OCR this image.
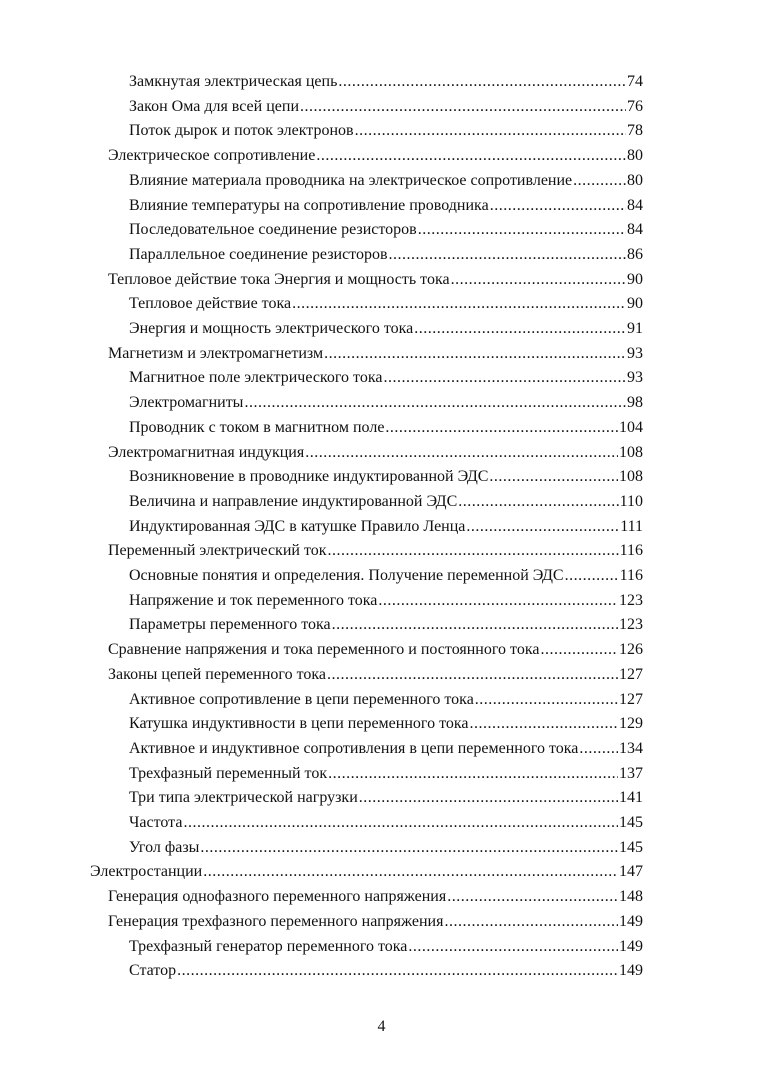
Замкнутая электрическая цепь .....	74
Закон Ома для всей цепи .....	76
Поток дырок и поток электронов .....	78
Электрическое сопротивление .....	80
Влияние материала проводника на электрическое сопротивление .....	80
Влияние температуры на сопротивление проводника .....	84
Последовательное соединение резисторов .....	84
Параллельное соединение резисторов .....	86
Тепловое действие тока Энергия и мощность тока .....	90
Тепловое действие тока .....	90
Энергия и мощность электрического тока .....	91
Магнетизм и электромагнетизм .....	93
Магнитное поле электрического тока .....	93
Электромагниты .....	98
Проводник с током в магнитном поле .....	104
Электромагнитная индукция .....	108
Возникновение в проводнике индуктированной ЭДС .....	108
Величина и направление индуктированной ЭДС .....	110
Индуктированная ЭДС в катушке Правило Ленца .....	111
Переменный электрический ток .....	116
Основные понятия и определения. Получение переменной ЭДС .....	116
Напряжение и ток переменного тока .....	123
Параметры переменного тока .....	123
Сравнение напряжения и тока переменного и постоянного тока .....	126
Законы цепей переменного тока .....	127
Активное сопротивление в цепи переменного тока .....	127
Катушка индуктивности в цепи переменного тока .....	129
Активное и индуктивное сопротивления в цепи переменного тока .....	134
Трехфазный переменный ток .....	137
Три типа электрической нагрузки .....	141
Частота .....	145
Угол фазы .....	145
Электростанции .....	147
Генерация однофазного переменного напряжения .....	148
Генерация трехфазного переменного напряжения .....	149
Трехфазный генератор переменного тока .....	149
Статор .....	149
4
